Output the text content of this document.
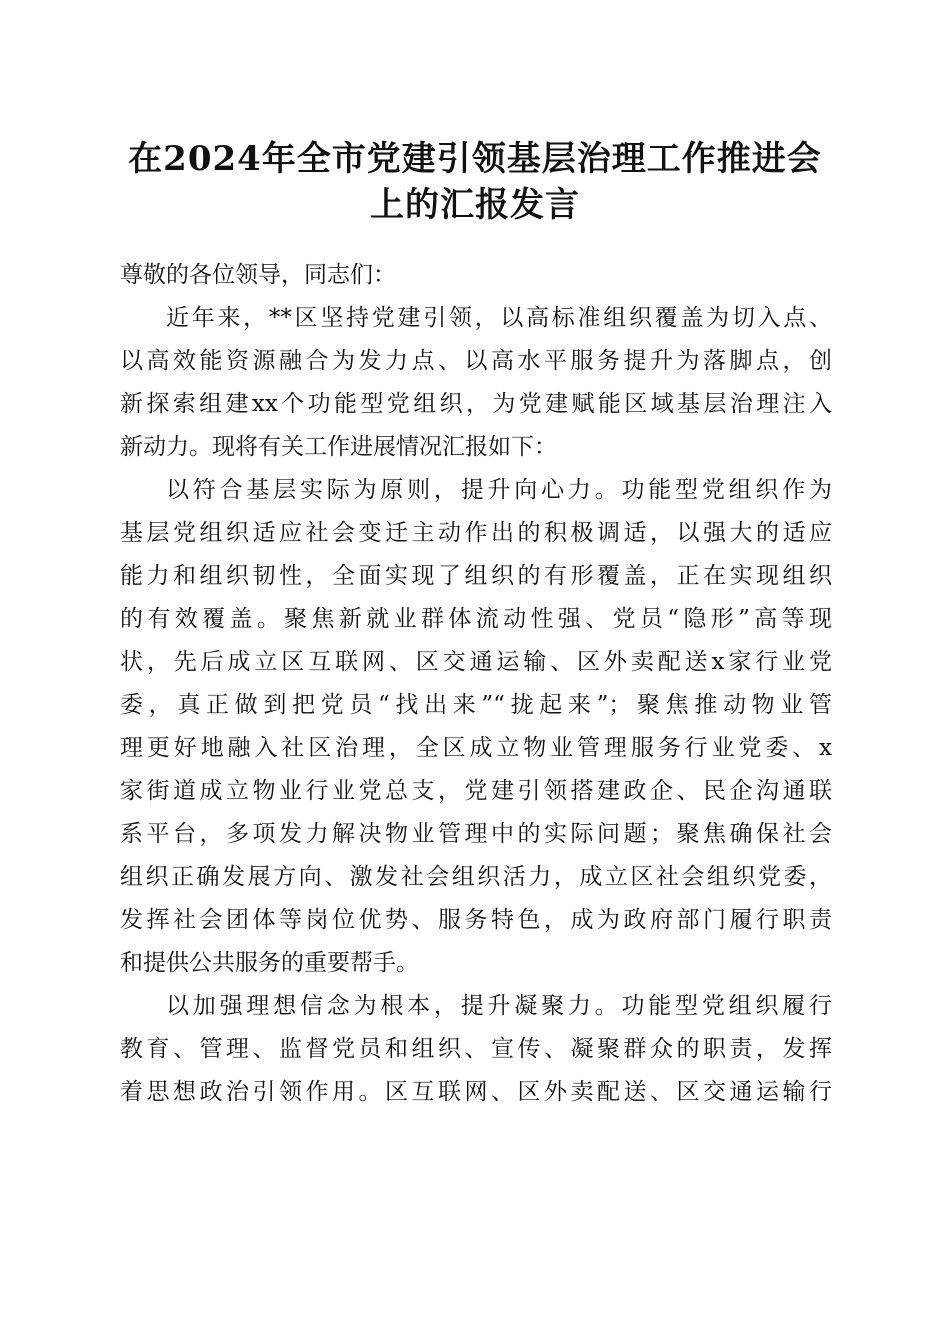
在2024年全市党建引领基层治理工作推进会
上的汇报发言
尊敬的各位领导，同志们：
近年来，**区坚持党建引领，以高标准组织覆盖为切入点、
以高效能资源融合为发力点、以高水平服务提升为落脚点，创
新探索组建xx个功能型党组织，为党建赋能区域基层治理注入
新动力。现将有关工作进展情况汇报如下：
以符合基层实际为原则，提升向心力。功能型党组织作为
基层党组织适应社会变迁主动作出的积极调适，以强大的适应
能力和组织韧性，全面实现了组织的有形覆盖，正在实现组织
的有效覆盖。聚焦新就业群体流动性强、党员“隐形”高等现
状，先后成立区互联网、区交通运输、区外卖配送x家行业党
委，真正做到把党员“找出来”“拢起来”；聚焦推动物业管
理更好地融入社区治理，全区成立物业管理服务行业党委、x
家街道成立物业行业党总支，党建引领搭建政企、民企沟通联
系平台，多项发力解决物业管理中的实际问题；聚焦确保社会
组织正确发展方向、激发社会组织活力，成立区社会组织党委，
发挥社会团体等岗位优势、服务特色，成为政府部门履行职责
和提供公共服务的重要帮手。
以加强理想信念为根本，提升凝聚力。功能型党组织履行
教育、管理、监督党员和组织、宣传、凝聚群众的职责，发挥
着思想政治引领作用。区互联网、区外卖配送、区交通运输行
